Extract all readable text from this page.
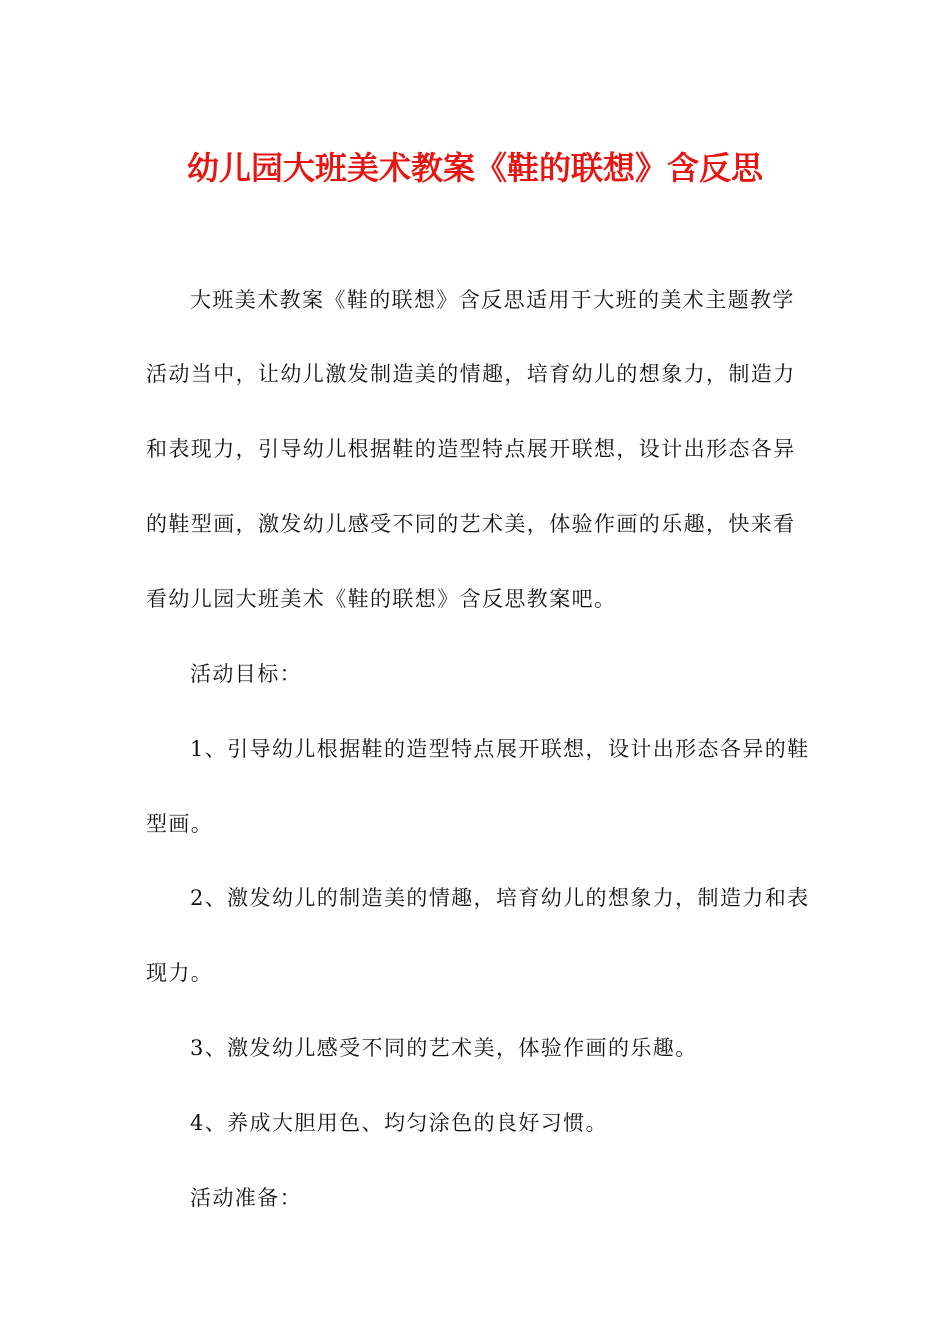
幼儿园大班美术教案《鞋的联想》含反思

大班美术教案《鞋的联想》含反思适用于大班的美术主题教学

活动当中，让幼儿激发制造美的情趣，培育幼儿的想象力，制造力

和表现力，引导幼儿根据鞋的造型特点展开联想，设计出形态各异

的鞋型画，激发幼儿感受不同的艺术美，体验作画的乐趣，快来看

看幼儿园大班美术《鞋的联想》含反思教案吧。

活动目标：

1、引导幼儿根据鞋的造型特点展开联想，设计出形态各异的鞋

型画。

2、激发幼儿的制造美的情趣，培育幼儿的想象力，制造力和表

现力。

3、激发幼儿感受不同的艺术美，体验作画的乐趣。

4、养成大胆用色、均匀涂色的良好习惯。

活动准备：
